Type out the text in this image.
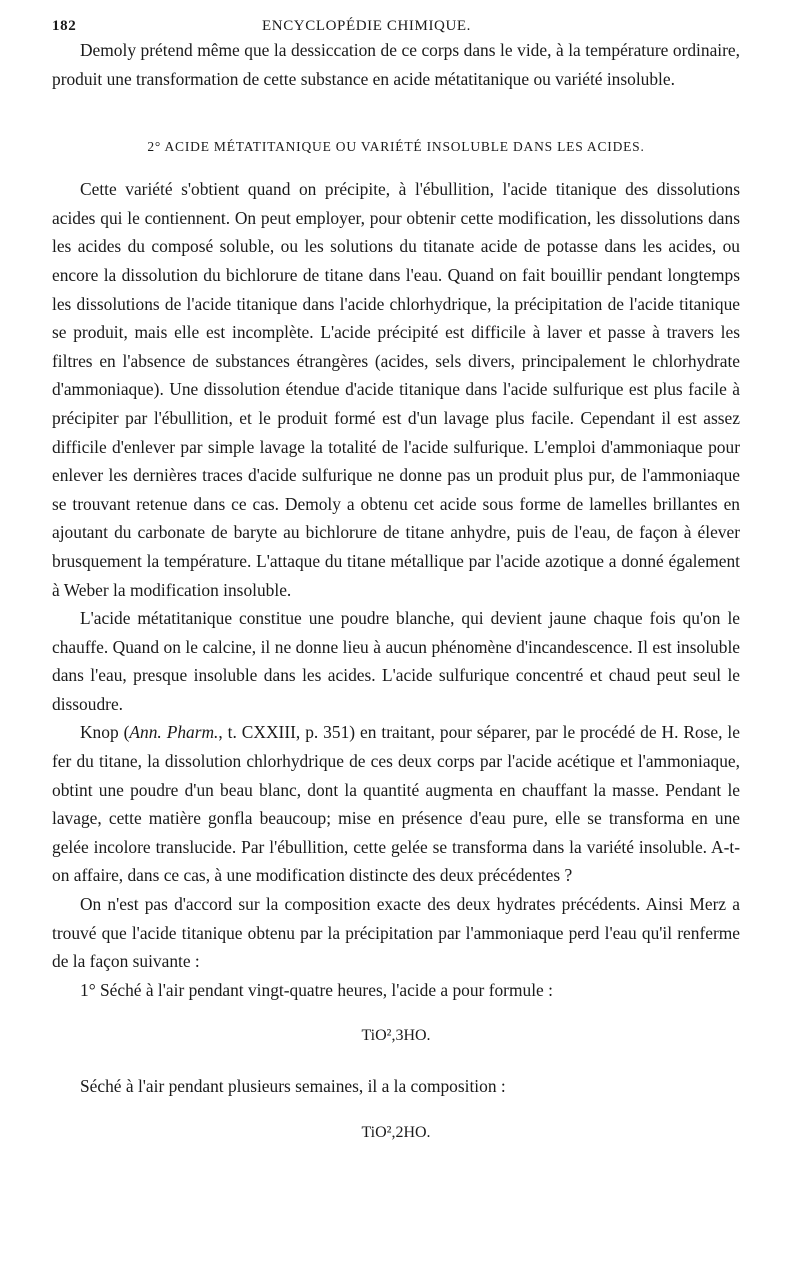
182	ENCYCLOPÉDIE CHIMIQUE.

Demoly prétend même que la dessiccation de ce corps dans le vide, à la température ordinaire, produit une transformation de cette substance en acide métatitanique ou variété insoluble.

2° ACIDE MÉTATITANIQUE OU VARIÉTÉ INSOLUBLE DANS LES ACIDES.

Cette variété s'obtient quand on précipite, à l'ébullition, l'acide titanique des dissolutions acides qui le contiennent. On peut employer, pour obtenir cette modification, les dissolutions dans les acides du composé soluble, ou les solutions du titanate acide de potasse dans les acides, ou encore la dissolution du bichlorure de titane dans l'eau. Quand on fait bouillir pendant longtemps les dissolutions de l'acide titanique dans l'acide chlorhydrique, la précipitation de l'acide titanique se produit, mais elle est incomplète. L'acide précipité est difficile à laver et passe à travers les filtres en l'absence de substances étrangères (acides, sels divers, principalement le chlorhydrate d'ammoniaque). Une dissolution étendue d'acide titanique dans l'acide sulfurique est plus facile à précipiter par l'ébullition, et le produit formé est d'un lavage plus facile. Cependant il est assez difficile d'enlever par simple lavage la totalité de l'acide sulfurique. L'emploi d'ammoniaque pour enlever les dernières traces d'acide sulfurique ne donne pas un produit plus pur, de l'ammoniaque se trouvant retenue dans ce cas. Demoly a obtenu cet acide sous forme de lamelles brillantes en ajoutant du carbonate de baryte au bichlorure de titane anhydre, puis de l'eau, de façon à élever brusquement la température. L'attaque du titane métallique par l'acide azotique a donné également à Weber la modification insoluble.

L'acide métatitanique constitue une poudre blanche, qui devient jaune chaque fois qu'on le chauffe. Quand on le calcine, il ne donne lieu à aucun phénomène d'incandescence. Il est insoluble dans l'eau, presque insoluble dans les acides. L'acide sulfurique concentré et chaud peut seul le dissoudre.

Knop (Ann. Pharm., t. CXXIII, p. 351) en traitant, pour séparer, par le procédé de H. Rose, le fer du titane, la dissolution chlorhydrique de ces deux corps par l'acide acétique et l'ammoniaque, obtint une poudre d'un beau blanc, dont la quantité augmenta en chauffant la masse. Pendant le lavage, cette matière gonfla beaucoup; mise en présence d'eau pure, elle se transforma en une gelée incolore translucide. Par l'ébullition, cette gelée se transforma dans la variété insoluble. A-t-on affaire, dans ce cas, à une modification distincte des deux précédentes ?

On n'est pas d'accord sur la composition exacte des deux hydrates précédents. Ainsi Merz a trouvé que l'acide titanique obtenu par la précipitation par l'ammoniaque perd l'eau qu'il renferme de la façon suivante :

1° Séché à l'air pendant vingt-quatre heures, l'acide a pour formule :

TiO²,3HO.

Séché à l'air pendant plusieurs semaines, il a la composition :

TiO²,2HO.
